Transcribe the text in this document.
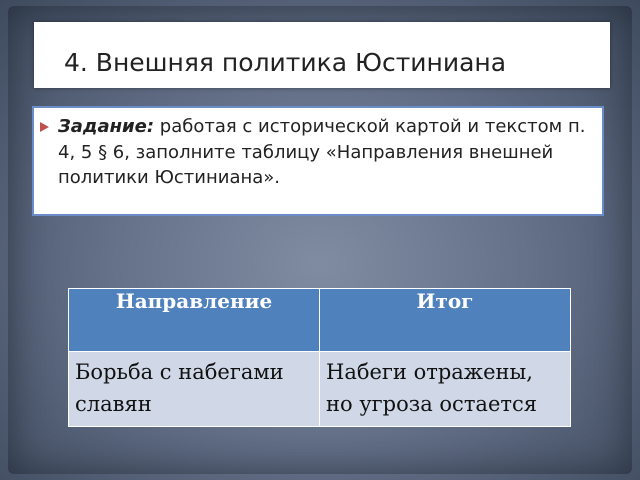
4. Внешняя политика Юстиниана
Задание: работая с исторической картой и текстом п. 4, 5 § 6, заполните таблицу «Направления внешней политики Юстиниана».
Направление	Итог

Борьба с набегами славян	Набеги отражены, но угроза остается
